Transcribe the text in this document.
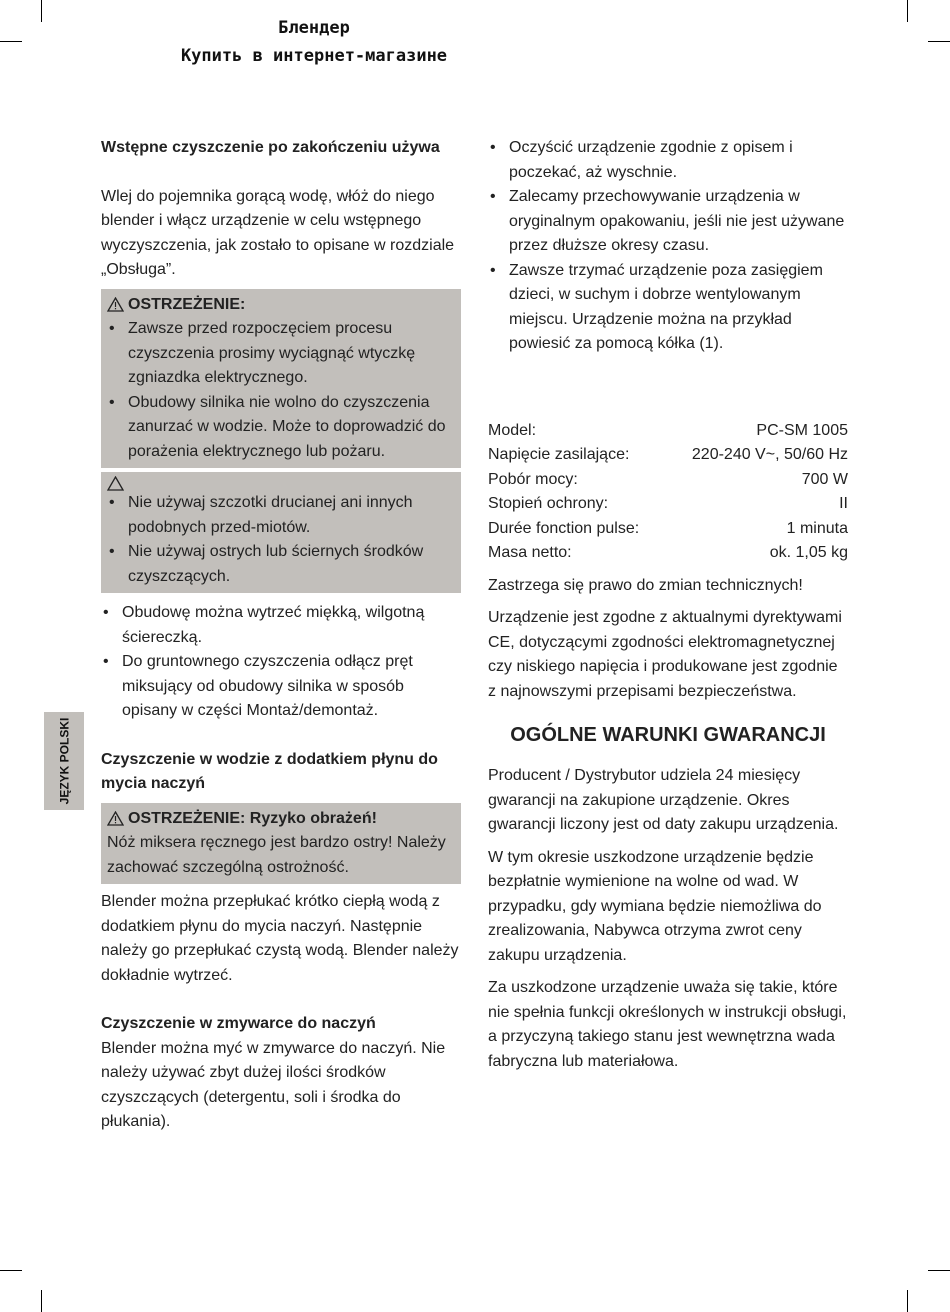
Блендер
Купить в интернет-магазине
JĘZYK POLSKI

Wstępne czyszczenie po zakończeniu używa

Wlej do pojemnika gorącą wodę, włóż do niego blender i włącz urządzenie w celu wstępnego wyczyszczenia, jak zostało to opisane w rozdziale „Obsługa”.

OSTRZEŻENIE:
• Zawsze przed rozpoczęciem procesu czyszczenia prosimy wyciągnąć wtyczkę zgniazdka elektrycznego.
• Obudowy silnika nie wolno do czyszczenia zanurzać w wodzie. Może to doprowadzić do porażenia elektrycznego lub pożaru.
• Nie używaj szczotki drucianej ani innych podobnych przed-miotów.
• Nie używaj ostrych lub ściernych środków czyszczących.
• Obudowę można wytrzeć miękką, wilgotną ściereczką.
• Do gruntownego czyszczenia odłącz pręt miksujący od obudowy silnika w sposób opisany w części Montaż/demontaż.

Czyszczenie w wodzie z dodatkiem płynu do mycia naczyń

OSTRZEŻENIE: Ryzyko obrażeń!

Nóż miksera ręcznego jest bardzo ostry! Należy zachować szczególną ostrożność.

Blender można przepłukać krótko ciepłą wodą z dodatkiem płynu do mycia naczyń. Następnie należy go przepłukać czystą wodą. Blender należy dokładnie wytrzeć.

Czyszczenie w zmywarce do naczyń

Blender można myć w zmywarce do naczyń. Nie należy używać zbyt dużej ilości środków czyszczących (detergentu, soli i środka do płukania).

• Oczyścić urządzenie zgodnie z opisem i poczekać, aż wyschnie.
• Zalecamy przechowywanie urządzenia w oryginalnym opakowaniu, jeśli nie jest używane przez dłuższe okresy czasu.
• Zawsze trzymać urządzenie poza zasięgiem dzieci, w suchym i dobrze wentylowanym miejscu. Urządzenie można na przykład powiesić za pomocą kółka (1).
Model:	PC-SM 1005
Napięcie zasilające:	220-240 V~, 50/60 Hz
Pobór mocy:	700 W
Stopień ochrony:	II
Durée fonction pulse:	1 minuta
Masa netto:	ok. 1,05 kg

Zastrzega się prawo do zmian technicznych!

Urządzenie jest zgodne z aktualnymi dyrektywami CE, dotyczącymi zgodności elektromagnetycznej czy niskiego napięcia i produkowane jest zgodnie z najnowszymi przepisami bezpieczeństwa.

OGÓLNE WARUNKI GWARANCJI

Producent / Dystrybutor udziela 24 miesięcy gwarancji na zakupione urządzenie. Okres gwarancji liczony jest od daty zakupu urządzenia.

W tym okresie uszkodzone urządzenie będzie bezpłatnie wymienione na wolne od wad. W przypadku, gdy wymiana będzie niemożliwa do zrealizowania, Nabywca otrzyma zwrot ceny zakupu urządzenia.

Za uszkodzone urządzenie uważa się takie, które nie spełnia funkcji określonych w instrukcji obsługi, a przyczyną takiego stanu jest wewnętrzna wada fabryczna lub materiałowa.
